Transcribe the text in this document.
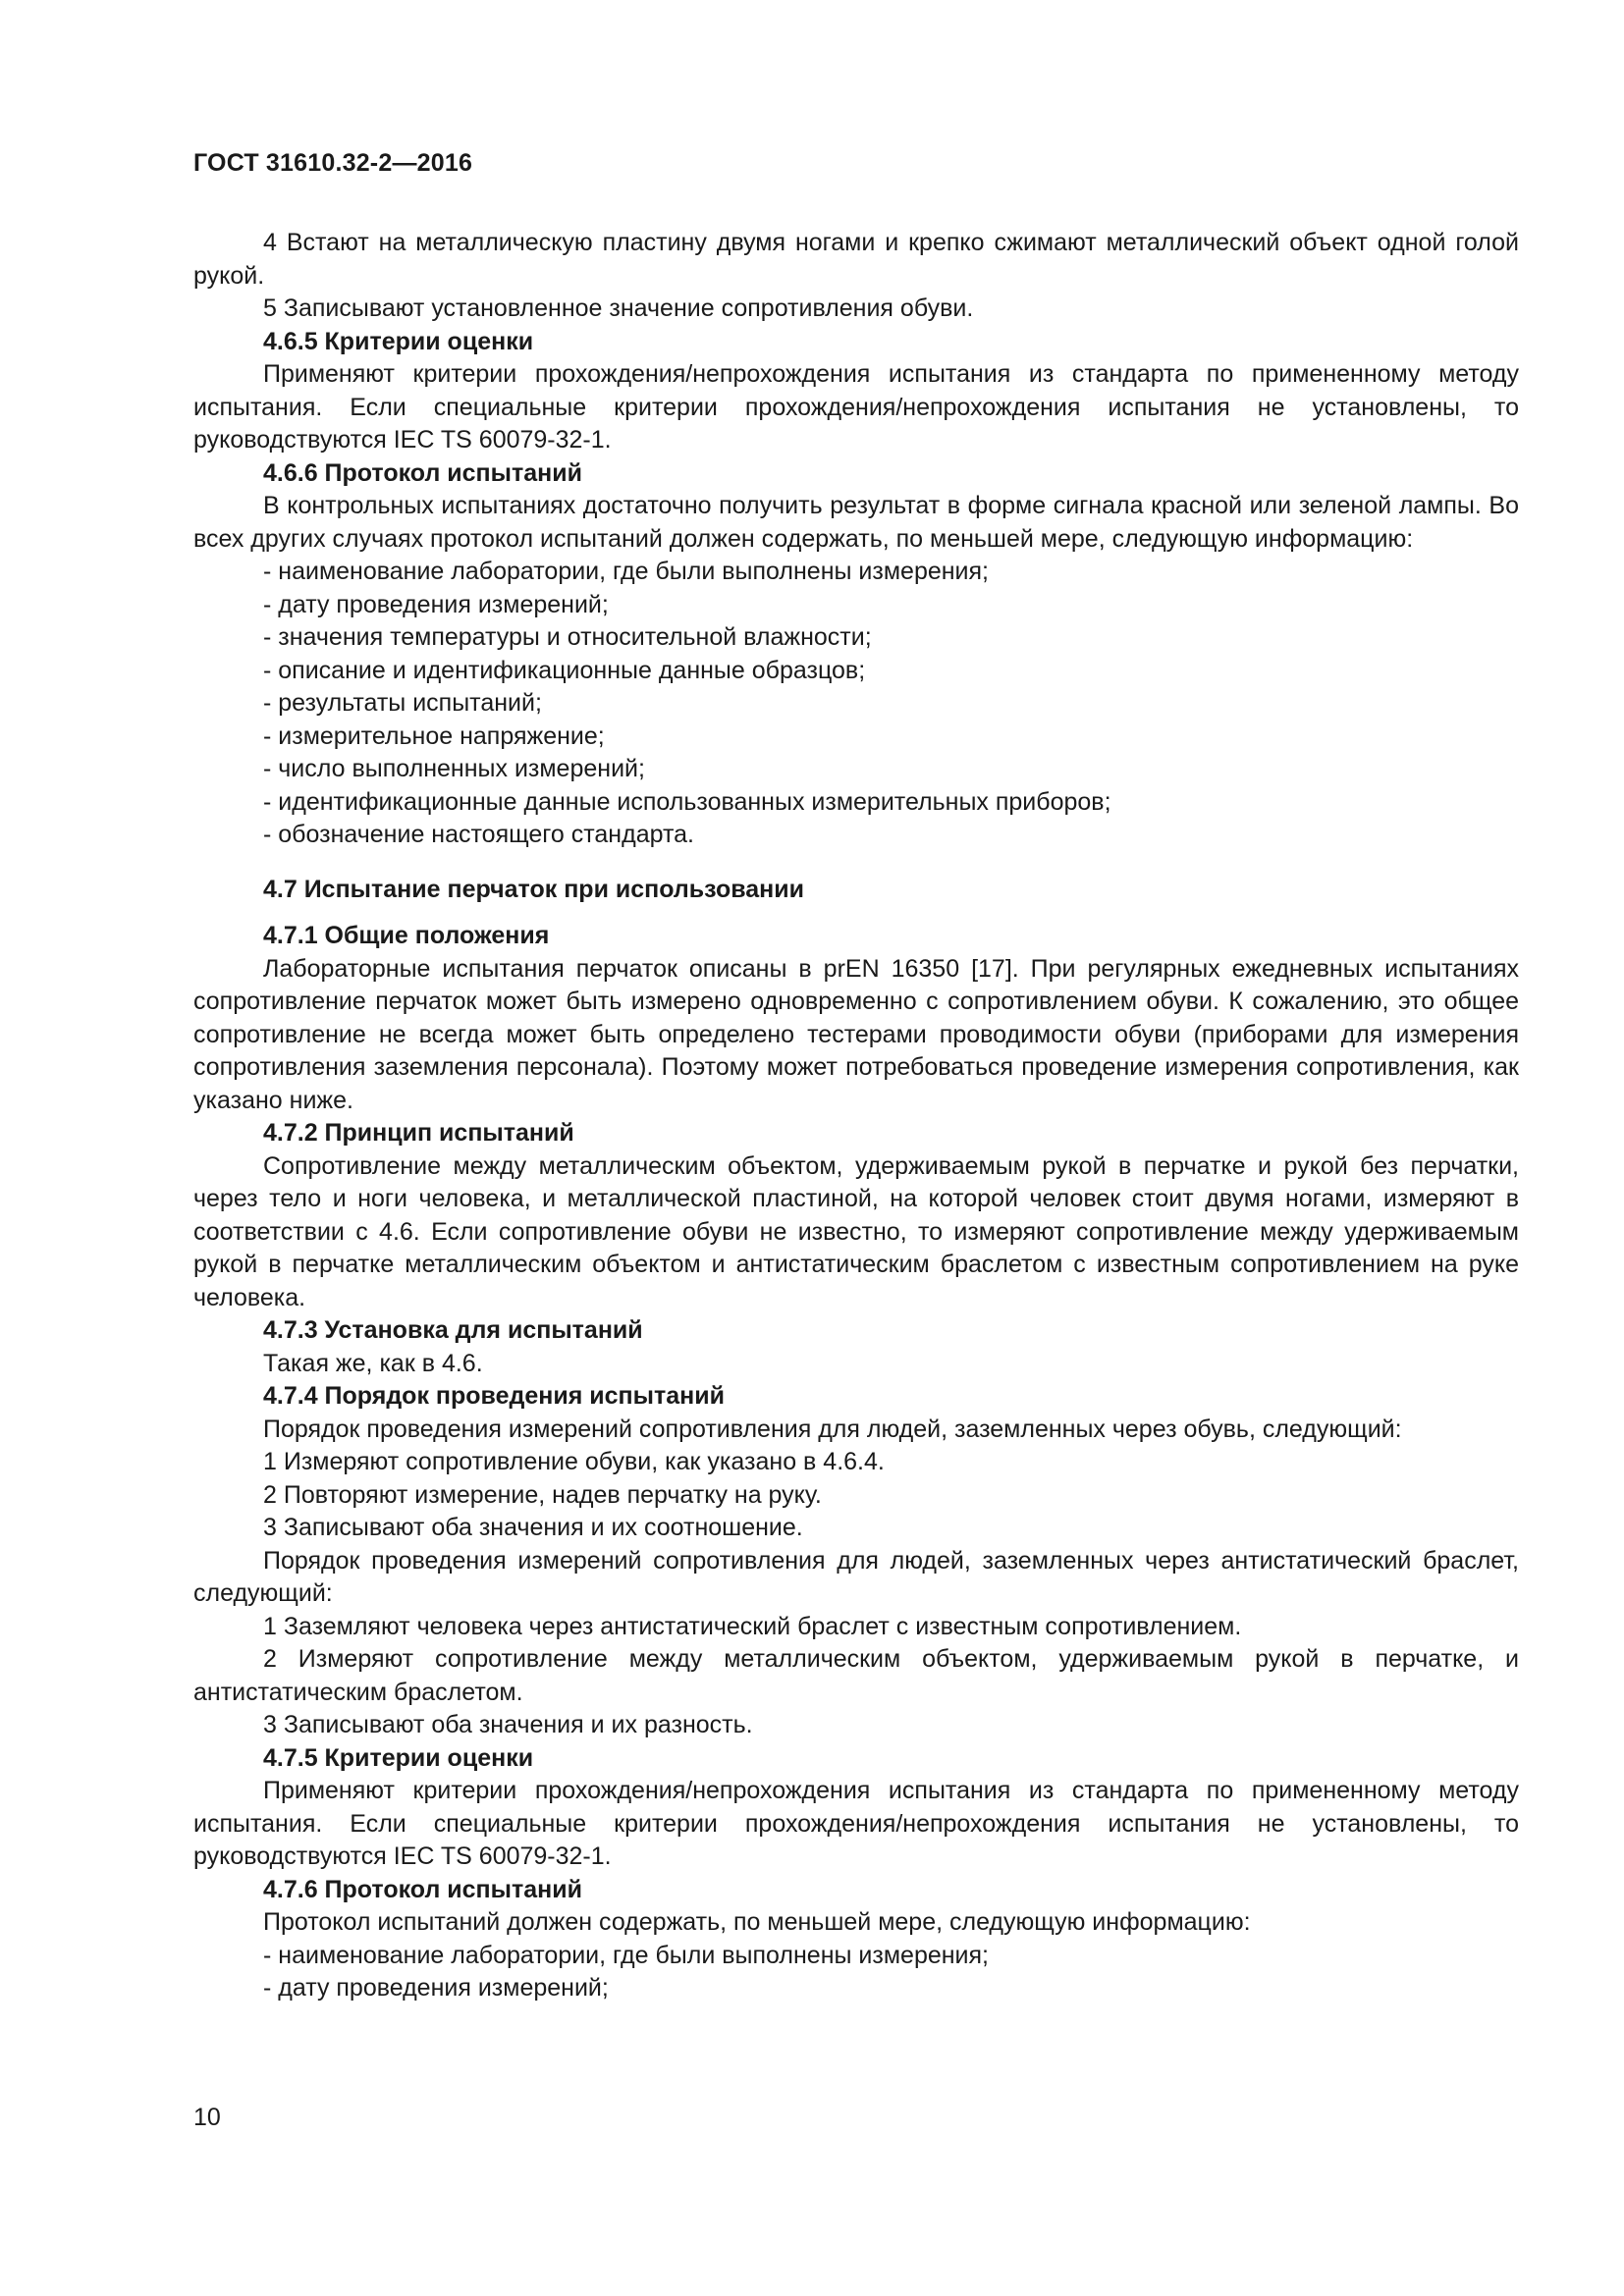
ГОСТ 31610.32-2—2016

4 Встают на металлическую пластину двумя ногами и крепко сжимают металлический объект одной голой рукой.

5 Записывают установленное значение сопротивления обуви.

4.6.5 Критерии оценки

Применяют критерии прохождения/непрохождения испытания из стандарта по примененному методу испытания. Если специальные критерии прохождения/непрохождения испытания не установлены, то руководствуются IEC TS 60079-32-1.

4.6.6 Протокол испытаний

В контрольных испытаниях достаточно получить результат в форме сигнала красной или зеленой лампы. Во всех других случаях протокол испытаний должен содержать, по меньшей мере, следующую информацию:

- наименование лаборатории, где были выполнены измерения;

- дату проведения измерений;

- значения температуры и относительной влажности;

- описание и идентификационные данные образцов;

- результаты испытаний;

- измерительное напряжение;

- число выполненных измерений;

- идентификационные данные использованных измерительных приборов;

- обозначение настоящего стандарта.

4.7 Испытание перчаток при использовании

4.7.1 Общие положения

Лабораторные испытания перчаток описаны в prEN 16350 [17]. При регулярных ежедневных испытаниях сопротивление перчаток может быть измерено одновременно с сопротивлением обуви. К сожалению, это общее сопротивление не всегда может быть определено тестерами проводимости обуви (приборами для измерения сопротивления заземления персонала). Поэтому может потребоваться проведение измерения сопротивления, как указано ниже.

4.7.2 Принцип испытаний

Сопротивление между металлическим объектом, удерживаемым рукой в перчатке и рукой без перчатки, через тело и ноги человека, и металлической пластиной, на которой человек стоит двумя ногами, измеряют в соответствии с 4.6. Если сопротивление обуви не известно, то измеряют сопротивление между удерживаемым рукой в перчатке металлическим объектом и антистатическим браслетом с известным сопротивлением на руке человека.

4.7.3 Установка для испытаний

Такая же, как в 4.6.

4.7.4 Порядок проведения испытаний

Порядок проведения измерений сопротивления для людей, заземленных через обувь, следующий:

1 Измеряют сопротивление обуви, как указано в 4.6.4.

2 Повторяют измерение, надев перчатку на руку.

3 Записывают оба значения и их соотношение.

Порядок проведения измерений сопротивления для людей, заземленных через антистатический браслет, следующий:

1 Заземляют человека через антистатический браслет с известным сопротивлением.

2 Измеряют сопротивление между металлическим объектом, удерживаемым рукой в перчатке, и антистатическим браслетом.

3 Записывают оба значения и их разность.

4.7.5 Критерии оценки

Применяют критерии прохождения/непрохождения испытания из стандарта по примененному методу испытания. Если специальные критерии прохождения/непрохождения испытания не установлены, то руководствуются IEC TS 60079-32-1.

4.7.6 Протокол испытаний

Протокол испытаний должен содержать, по меньшей мере, следующую информацию:

- наименование лаборатории, где были выполнены измерения;

- дату проведения измерений;

10
